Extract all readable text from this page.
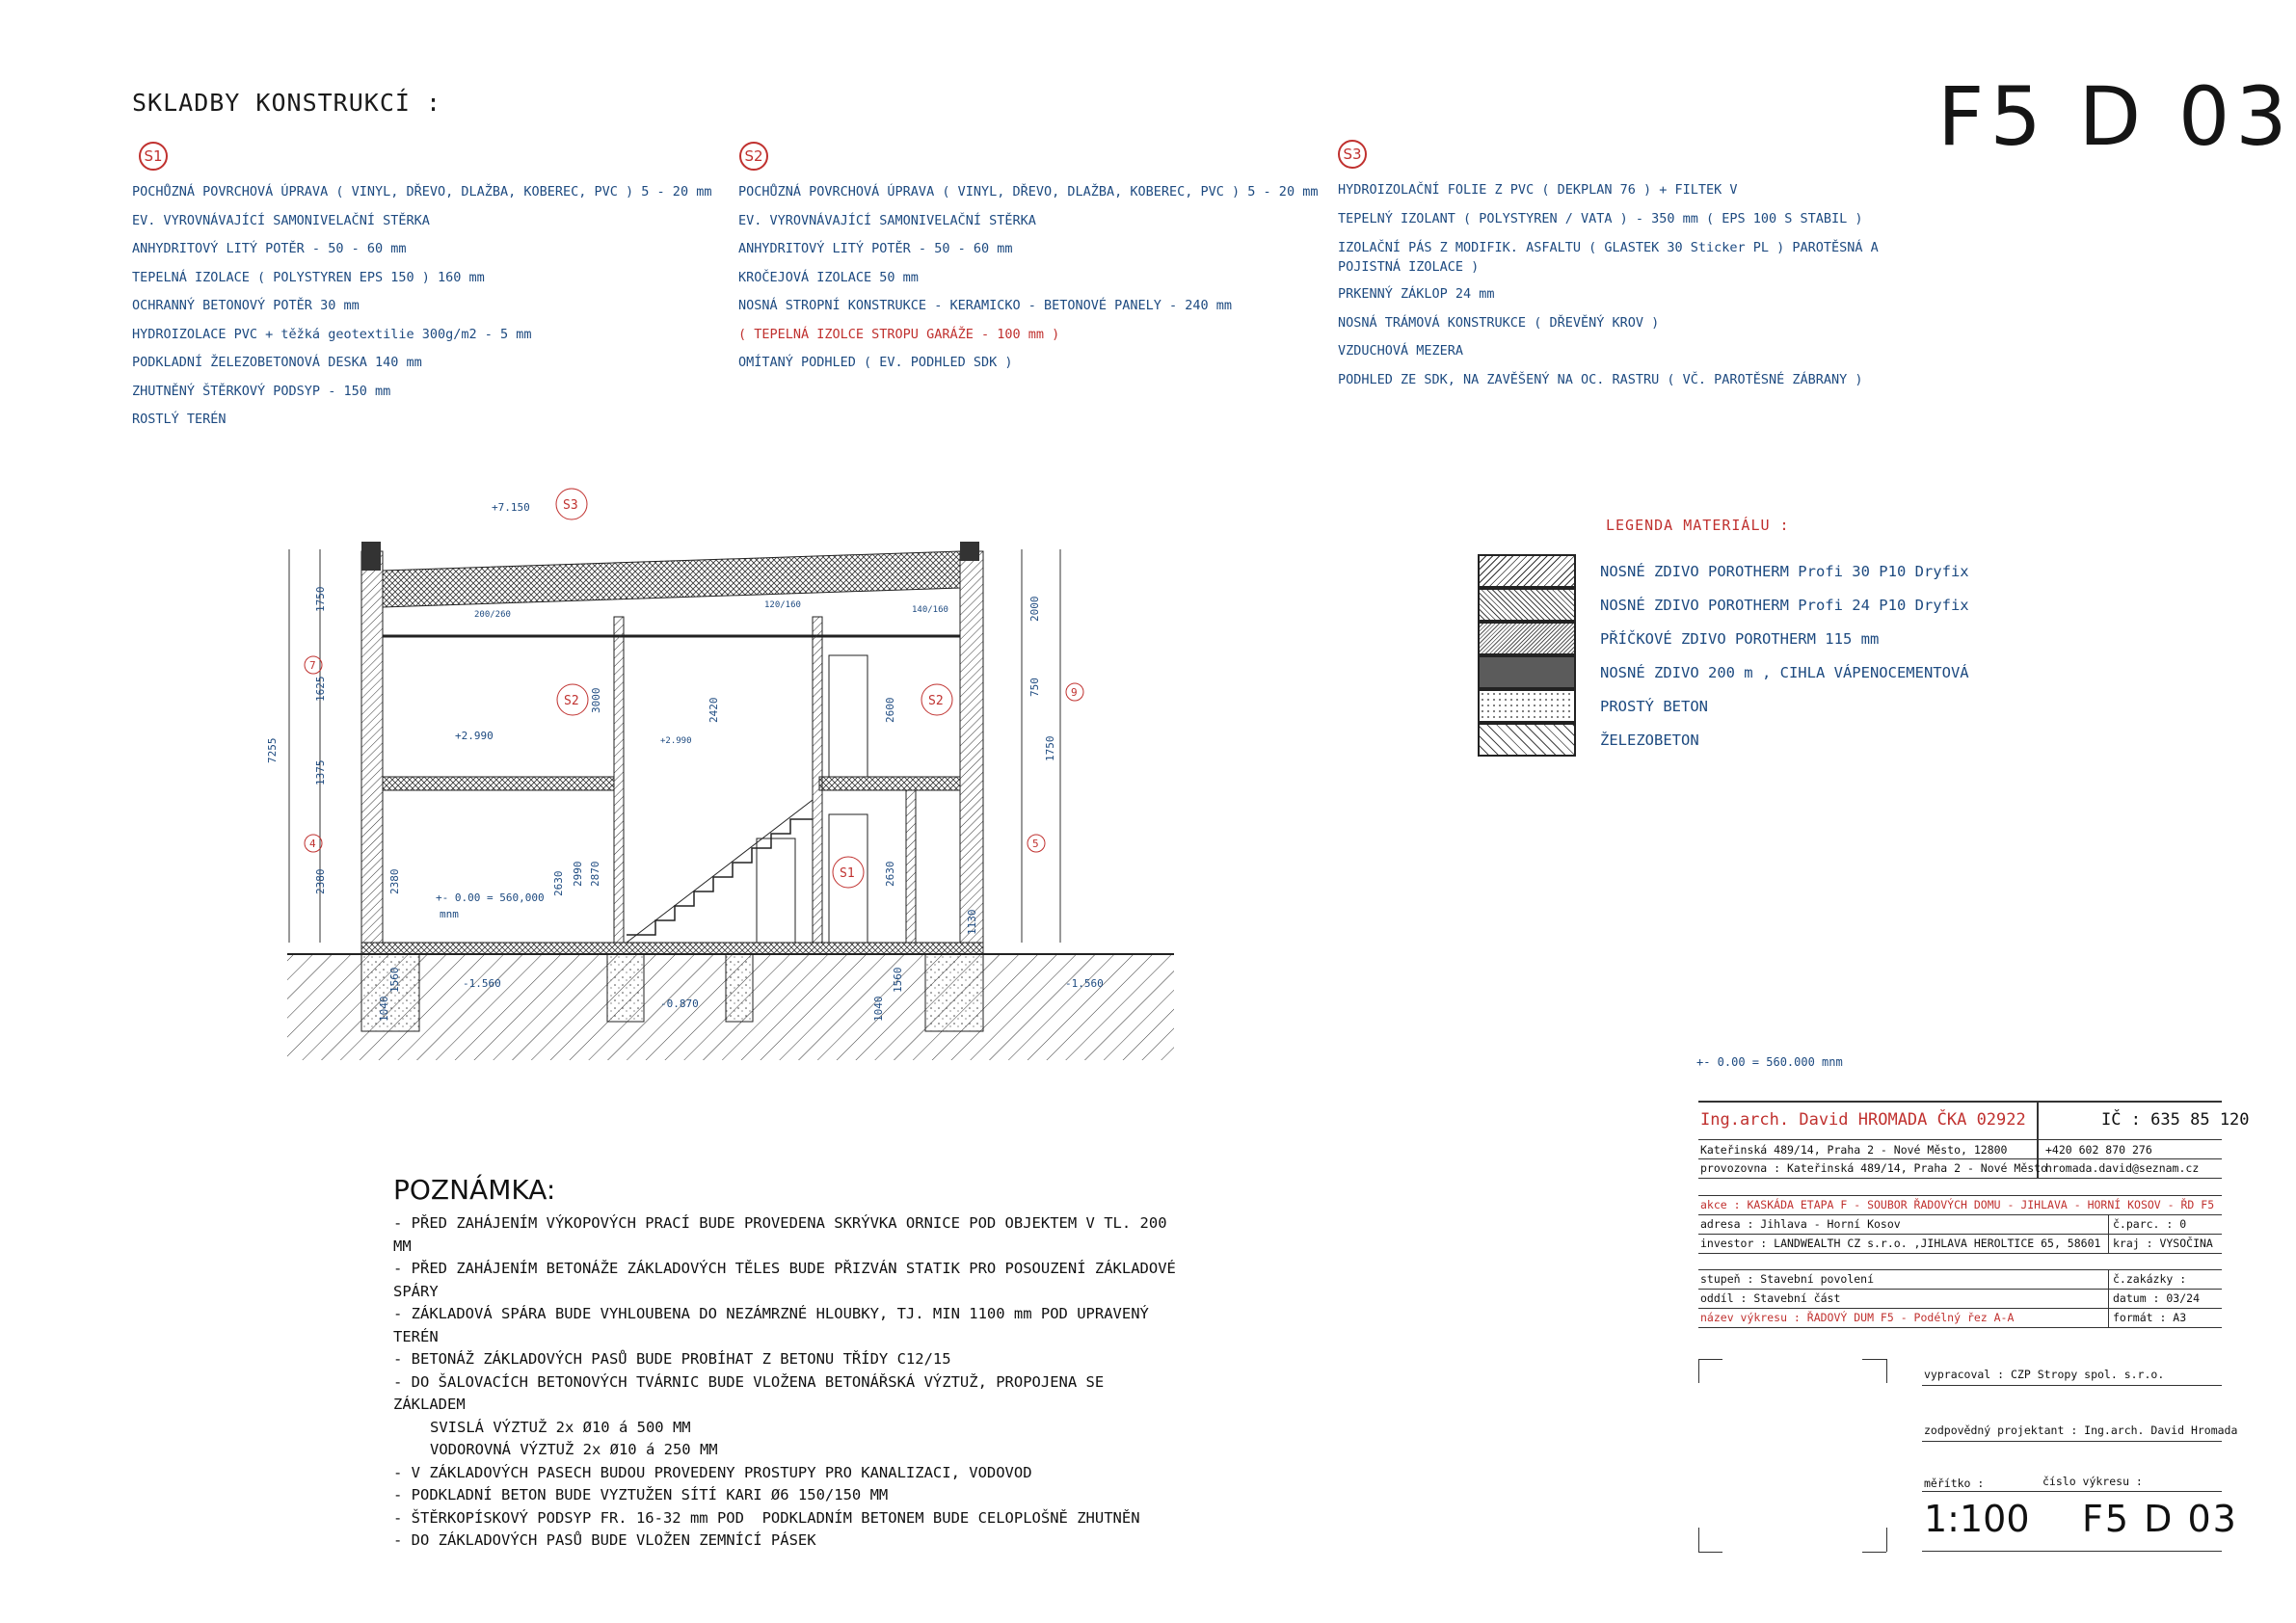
SKLADBY KONSTRUKCÍ :	F5 D 03
S1
POCHŮZNÁ POVRCHOVÁ ÚPRAVA ( VINYL, DŘEVO, DLAŽBA, KOBEREC, PVC ) 5 - 20 mm
EV. VYROVNÁVAJÍCÍ SAMONIVELAČNÍ STĚRKA
ANHYDRITOVÝ LITÝ POTĚR - 50 - 60 mm
TEPELNÁ IZOLACE ( POLYSTYREN EPS 150 ) 160 mm
OCHRANNÝ BETONOVÝ POTĚR 30 mm
HYDROIZOLACE PVC + těžká geotextilie 300g/m2 - 5 mm
PODKLADNÍ ŽELEZOBETONOVÁ DESKA 140 mm
ZHUTNĚNÝ ŠTĚRKOVÝ PODSYP - 150 mm
ROSTLÝ TERÉN
S2
POCHŮZNÁ POVRCHOVÁ ÚPRAVA ( VINYL, DŘEVO, DLAŽBA, KOBEREC, PVC ) 5 - 20 mm
EV. VYROVNÁVAJÍCÍ SAMONIVELAČNÍ STĚRKA
ANHYDRITOVÝ LITÝ POTĚR - 50 - 60 mm
KROČEJOVÁ IZOLACE 50 mm
NOSNÁ STROPNÍ KONSTRUKCE - KERAMICKO - BETONOVÉ PANELY - 240 mm
( TEPELNÁ IZOLCE STROPU GARÁŽE - 100 mm )
OMÍTANÝ PODHLED ( EV. PODHLED SDK )
S3
HYDROIZOLAČNÍ FOLIE Z PVC ( DEKPLAN 76 ) + FILTEK V
TEPELNÝ IZOLANT ( POLYSTYREN / VATA ) - 350 mm ( EPS 100 S STABIL )
IZOLAČNÍ PÁS Z MODIFIK. ASFALTU ( GLASTEK 30 Sticker PL ) PAROTĚSNÁ A
POJISTNÁ IZOLACE )
PRKENNÝ ZÁKLOP 24 mm
NOSNÁ TRÁMOVÁ KONSTRUKCE ( DŘEVĚNÝ KROV )
VZDUCHOVÁ MEZERA
PODHLED ZE SDK, NA ZAVĚŠENÝ NA OC. RASTRU ( VČ. PAROTĚSNÉ ZÁBRANY )
7
4
9
5
S3
S2	S2
S1
+7.150
+2.990	+2.990
+- 0.00 = 560,000
mnm
-1.560
-0.870
-1.560
7255
1750
1625
1375
2380	2380
3000
2630 2990 2870
2420	2600
2630
1130
2000
750
1750
1560
1040
1560
1040
200/260
120/160	140/160
LEGENDA MATERIÁLU :
NOSNÉ ZDIVO POROTHERM Profi 30 P10 Dryfix
NOSNÉ ZDIVO POROTHERM Profi 24 P10 Dryfix
PŘÍČKOVÉ ZDIVO POROTHERM 115 mm
NOSNÉ ZDIVO 200 m , CIHLA VÁPENOCEMENTOVÁ
PROSTÝ BETON
ŽELEZOBETON
+- 0.00 = 560.000 mnm
POZNÁMKA:
- PŘED ZAHÁJENÍM VÝKOPOVÝCH PRACÍ BUDE PROVEDENA SKRÝVKA ORNICE POD OBJEKTEM V TL. 200 MM
- PŘED ZAHÁJENÍM BETONÁŽE ZÁKLADOVÝCH TĚLES BUDE PŘIZVÁN STATIK PRO POSOUZENÍ ZÁKLADOVÉ
SPÁRY
- ZÁKLADOVÁ SPÁRA BUDE VYHLOUBENA DO NEZÁMRZNÉ HLOUBKY, TJ. MIN 1100 mm POD UPRAVENÝ
TERÉN
- BETONÁŽ ZÁKLADOVÝCH PASŮ BUDE PROBÍHAT Z BETONU TŘÍDY C12/15
- DO ŠALOVACÍCH BETONOVÝCH TVÁRNIC BUDE VLOŽENA BETONÁŘSKÁ VÝZTUŽ, PROPOJENA SE
ZÁKLADEM
SVISLÁ VÝZTUŽ 2x Ø10 á 500 MM
VODOROVNÁ VÝZTUŽ 2x Ø10 á 250 MM
- V ZÁKLADOVÝCH PASECH BUDOU PROVEDENY PROSTUPY PRO KANALIZACI, VODOVOD
- PODKLADNÍ BETON BUDE VYZTUŽEN SÍTÍ KARI Ø6 150/150 MM
- ŠTĚRKOPÍSKOVÝ PODSYP FR. 16-32 mm POD  PODKLADNÍM BETONEM BUDE CELOPLOŠNĚ ZHUTNĚN
- DO ZÁKLADOVÝCH PASŮ BUDE VLOŽEN ZEMNÍCÍ PÁSEK
Ing.arch. David HROMADA ČKA 02922	IČ : 635 85 120
Kateřinská 489/14, Praha 2 - Nové Město, 12800	+420 602 870 276
provozovna : Kateřinská 489/14, Praha 2 - Nové Město
hromada.david@seznam.cz
akce : KASKÁDA ETAPA F - SOUBOR ŘADOVÝCH DOMU - JIHLAVA - HORNÍ KOSOV - ŘD F5
adresa : Jihlava - Horní Kosov	č.parc. : 0
investor : LANDWEALTH CZ s.r.o. ,JIHLAVA HEROLTICE 65, 58601 kraj : VYSOČINA
stupeň : Stavební povolení	č.zakázky :
oddíl : Stavební část	datum : 03/24
název výkresu : ŘADOVÝ DUM F5 - Podélný řez A-A	formát : A3
vypracoval : CZP Stropy spol. s.r.o.
zodpovědný projektant : Ing.arch. David Hromada
měřítko :	číslo výkresu :
1:100 F5 D 03
